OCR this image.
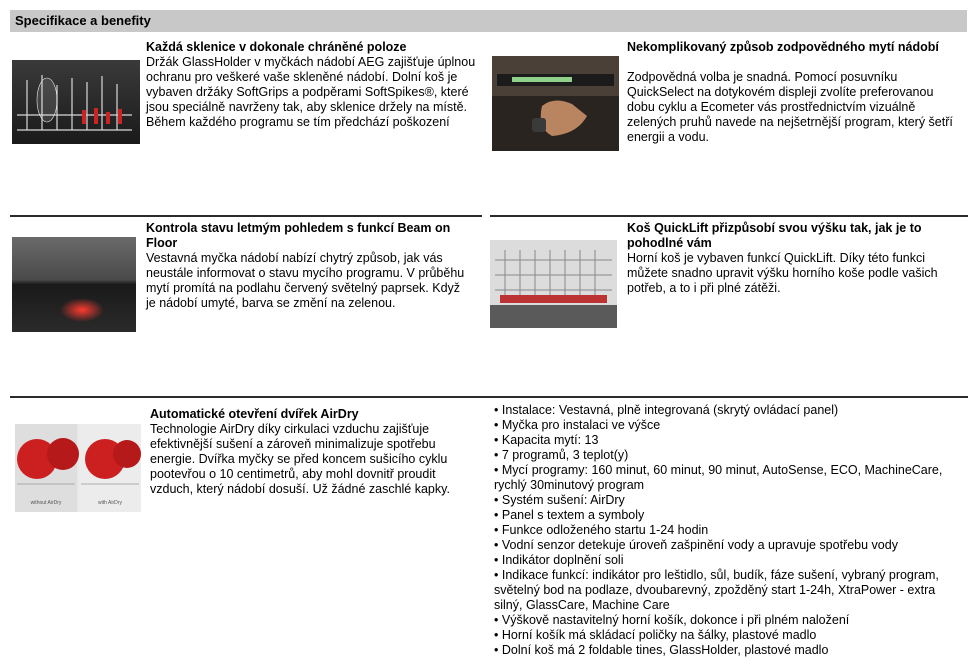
Specifikace a benefity
Každá sklenice v dokonale chráněné poloze
Držák GlassHolder v myčkách nádobí AEG zajišťuje úplnou ochranu pro veškeré vaše skleněné nádobí. Dolní koš je vybaven držáky SoftGrips a podpěrami SoftSpikes®, které jsou speciálně navrženy tak, aby sklenice držely na místě. Během každého programu se tím předchází poškození
Nekomplikovaný způsob zodpovědného mytí nádobí
Zodpovědná volba je snadná. Pomocí posuvníku QuickSelect na dotykovém displeji zvolíte preferovanou dobu cyklu a Ecometer vás prostřednictvím vizuálně zelených pruhů navede na nejšetrnější program, který šetří energii a vodu.
Kontrola stavu letmým pohledem s funkcí Beam on Floor
Vestavná myčka nádobí nabízí chytrý způsob, jak vás neustále informovat o stavu mycího programu. V průběhu mytí promítá na podlahu červený světelný paprsek. Když je nádobí umyté, barva se změní na zelenou.
Koš QuickLift přizpůsobí svou výšku tak, jak je to pohodlné vám
Horní koš je vybaven funkcí QuickLift. Díky této funkci můžete snadno upravit výšku horního koše podle vašich potřeb, a to i při plné zátěži.
without AirDry	with AirDry
Automatické otevření dvířek AirDry
Technologie AirDry díky cirkulaci vzduchu zajišťuje efektivnější sušení a zároveň minimalizuje spotřebu energie. Dvířka myčky se před koncem sušicího cyklu pootevřou o 10 centimetrů, aby mohl dovnitř proudit vzduch, který nádobí dosuší. Už žádné zaschlé kapky.
• Instalace: Vestavná, plně integrovaná (skrytý ovládací panel)
• Myčka pro instalaci ve výšce
• Kapacita mytí: 13
• 7 programů, 3 teplot(y)
• Mycí programy: 160 minut, 60 minut, 90 minut, AutoSense, ECO, MachineCare, rychlý 30minutový program
• Systém sušení: AirDry
• Panel s textem a symboly
• Funkce odloženého startu 1-24 hodin
• Vodní senzor detekuje úroveň zašpinění vody a upravuje spotřebu vody
• Indikátor doplnění soli
• Indikace funkcí: indikátor pro leštidlo, sůl, budík, fáze sušení, vybraný program, světelný bod na podlaze, dvoubarevný, zpožděný start 1-24h, XtraPower - extra silný, GlassCare, Machine Care
• Výškově nastavitelný horní košík, dokonce i při plném naložení
• Horní košík má skládací poličky na šálky, plastové madlo
• Dolní koš má 2 foldable tines, GlassHolder, plastové madlo
